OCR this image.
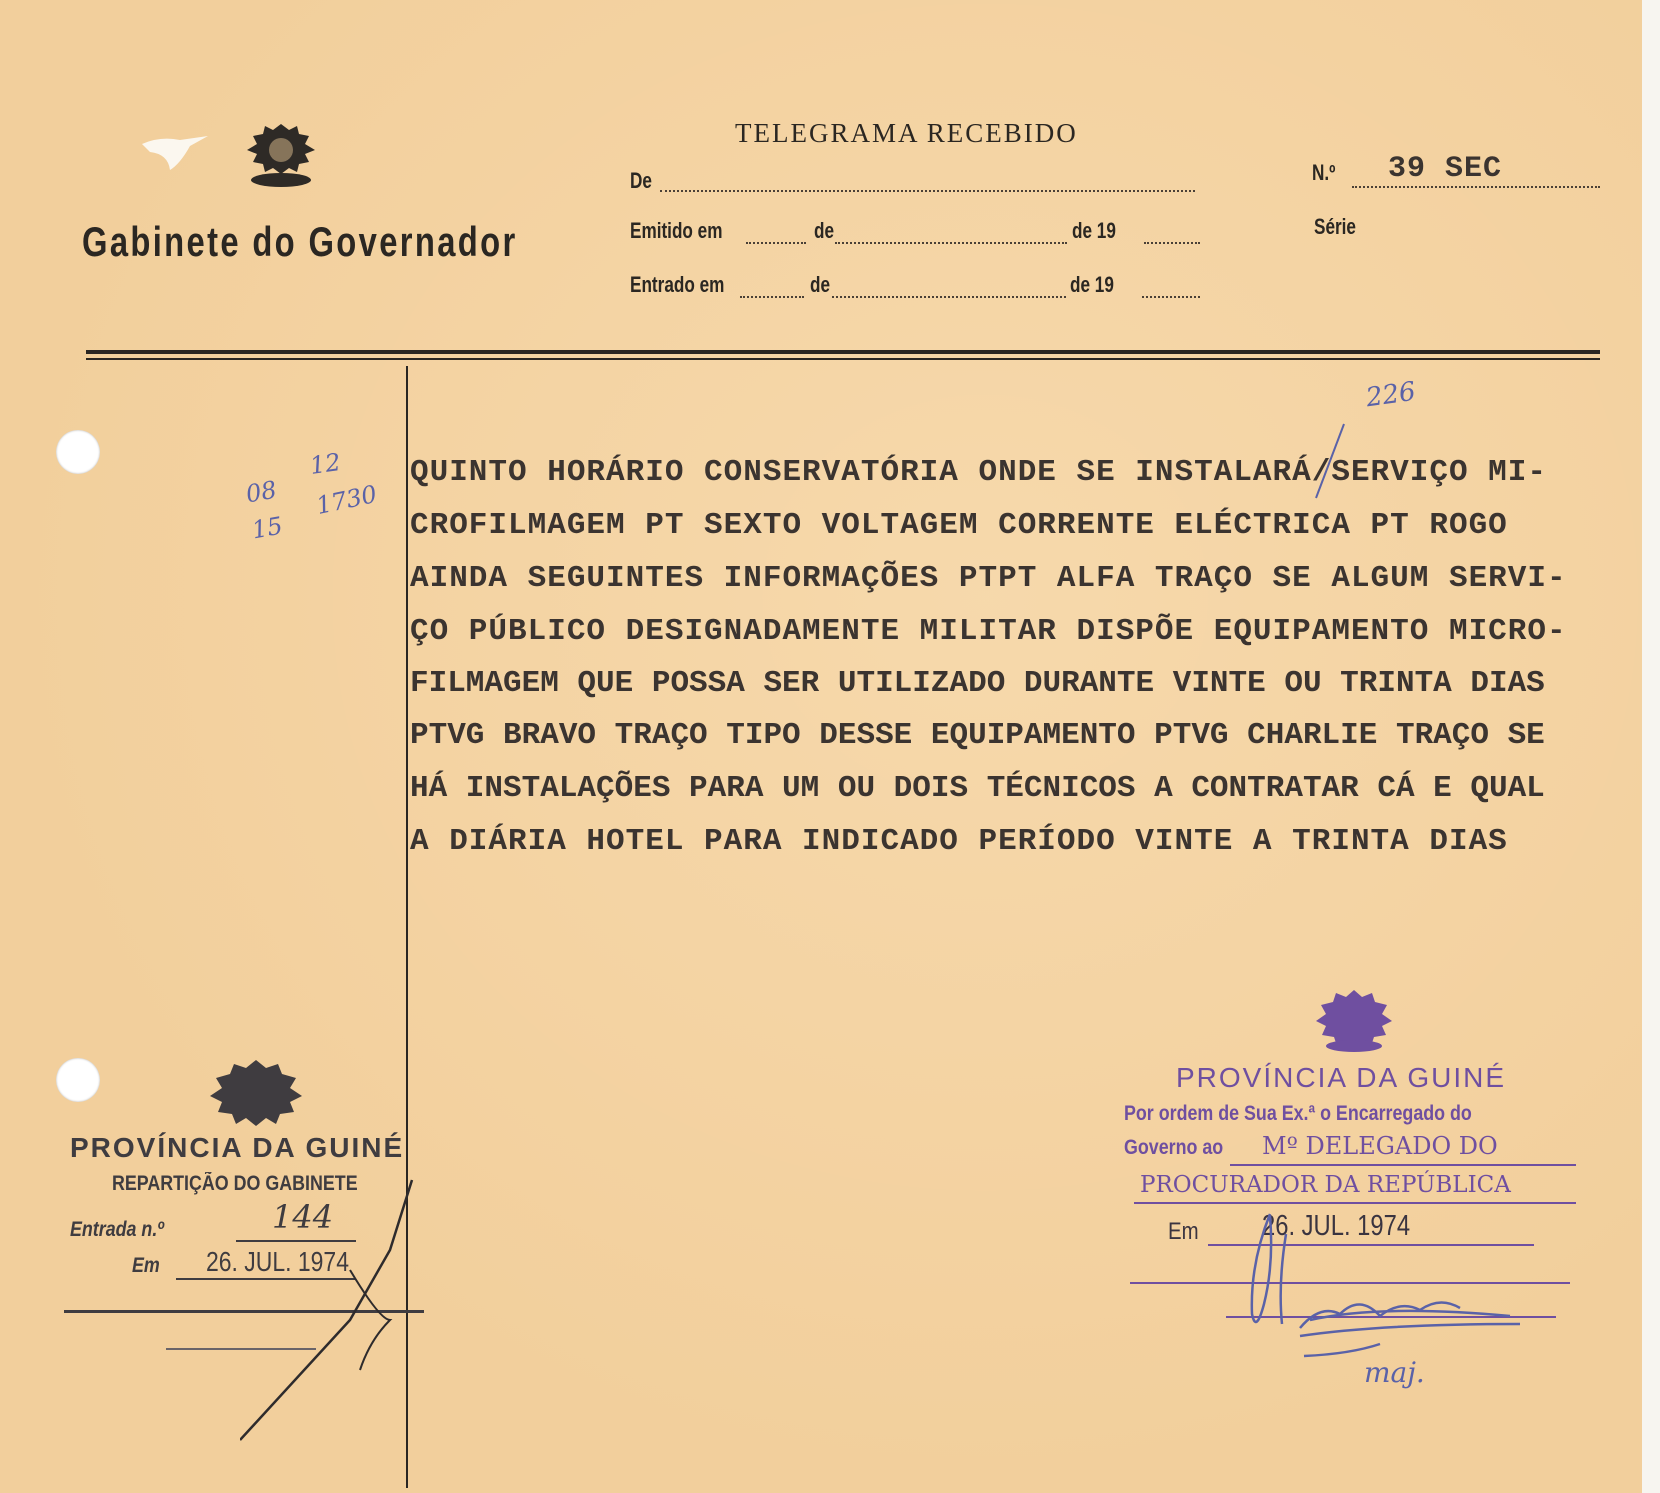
Gabinete do Governador
TELEGRAMA RECEBIDO
De
Emitido em	de	de 19
Entrado em	de	de 19
N.º 39 SEC
Série
226
08
12
15
1730
QUINTO HORÁRIO CONSERVATÓRIA ONDE SE INSTALARÁ/SERVIÇO MI-
CROFILMAGEM PT SEXTO VOLTAGEM CORRENTE ELÉCTRICA PT ROGO
AINDA SEGUINTES INFORMAÇÕES PTPT ALFA TRAÇO SE ALGUM SERVI-
ÇO PÚBLICO DESIGNADAMENTE MILITAR DISPÕE EQUIPAMENTO MICRO-
FILMAGEM QUE POSSA SER UTILIZADO DURANTE VINTE OU TRINTA DIAS
PTVG BRAVO TRAÇO TIPO DESSE EQUIPAMENTO PTVG CHARLIE TRAÇO SE
HÁ INSTALAÇÕES PARA UM OU DOIS TÉCNICOS A CONTRATAR CÁ E QUAL
A DIÁRIA HOTEL PARA INDICADO PERÍODO VINTE A TRINTA DIAS
PROVÍNCIA DA GUINÉ
REPARTIÇÃO DO GABINETE
Entrada n.º	144
Em 26. JUL. 1974
PROVÍNCIA DA GUINÉ
Por ordem de Sua Ex.ª o Encarregado do
Governo ao Mº DELEGADO DO
PROCURADOR DA REPÚBLICA
Em 26. JUL. 1974
maj.
